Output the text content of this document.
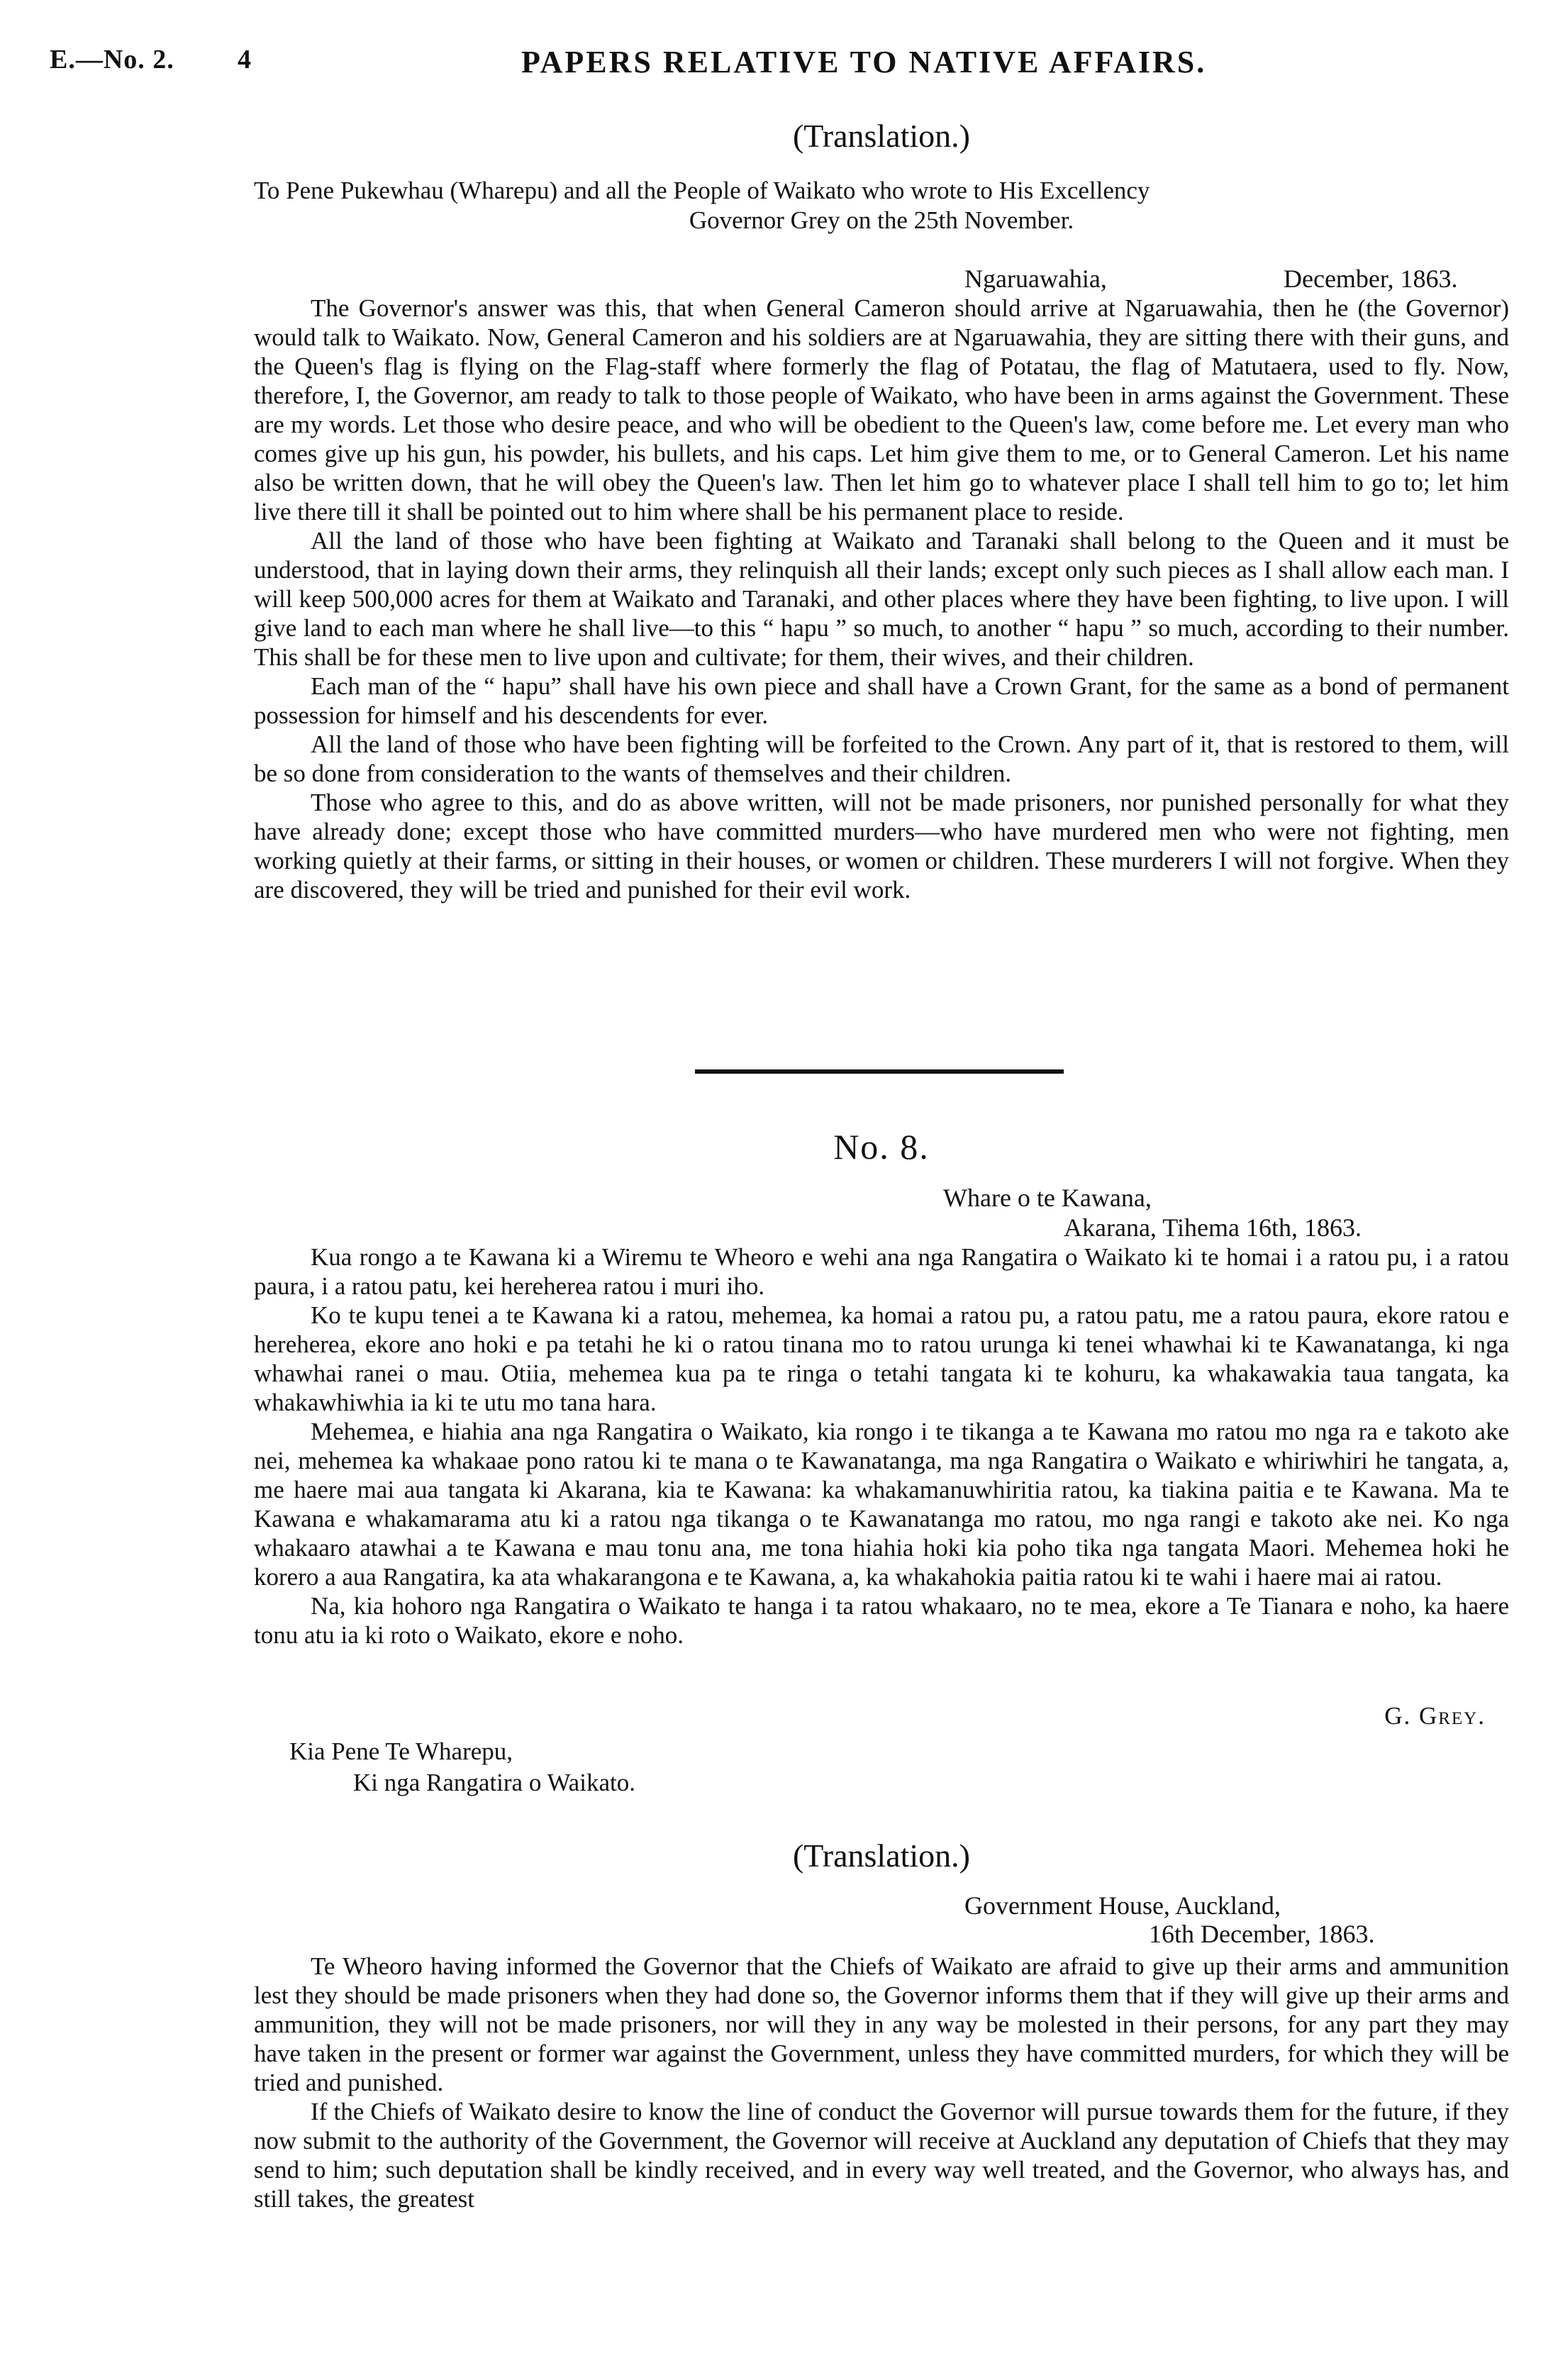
E.—No. 2. 4	PAPERS RELATIVE TO NATIVE AFFAIRS.
(Translation.)
To Pene Pukewhau (Wharepu) and all the People of Waikato who wrote to His Excellency
Governor Grey on the 25th November.
Ngaruawahia,	December, 1863.

The Governor's answer was this, that when General Cameron should arrive at Ngaruawahia, then he (the Governor) would talk to Waikato. Now, General Cameron and his soldiers are at Ngaruawahia, they are sitting there with their guns, and the Queen's flag is flying on the Flag-staff where formerly the flag of Potatau, the flag of Matutaera, used to fly. Now, therefore, I, the Governor, am ready to talk to those people of Waikato, who have been in arms against the Government. These are my words. Let those who desire peace, and who will be obedient to the Queen's law, come before me. Let every man who comes give up his gun, his powder, his bullets, and his caps. Let him give them to me, or to General Cameron. Let his name also be written down, that he will obey the Queen's law. Then let him go to whatever place I shall tell him to go to; let him live there till it shall be pointed out to him where shall be his permanent place to reside.

All the land of those who have been fighting at Waikato and Taranaki shall belong to the Queen and it must be understood, that in laying down their arms, they relinquish all their lands; except only such pieces as I shall allow each man. I will keep 500,000 acres for them at Waikato and Taranaki, and other places where they have been fighting, to live upon. I will give land to each man where he shall live—to this “ hapu ” so much, to another “ hapu ” so much, according to their number. This shall be for these men to live upon and cultivate; for them, their wives, and their children.

Each man of the “ hapu” shall have his own piece and shall have a Crown Grant, for the same as a bond of permanent possession for himself and his descendents for ever.

All the land of those who have been fighting will be forfeited to the Crown. Any part of it, that is restored to them, will be so done from consideration to the wants of themselves and their children.

Those who agree to this, and do as above written, will not be made prisoners, nor punished personally for what they have already done; except those who have committed murders—who have murdered men who were not fighting, men working quietly at their farms, or sitting in their houses, or women or children. These murderers I will not forgive. When they are discovered, they will be tried and punished for their evil work.

No. 8.
Whare o te Kawana,
Akarana, Tihema 16th, 1863.

Kua rongo a te Kawana ki a Wiremu te Wheoro e wehi ana nga Rangatira o Waikato ki te homai i a ratou pu, i a ratou paura, i a ratou patu, kei hereherea ratou i muri iho.

Ko te kupu tenei a te Kawana ki a ratou, mehemea, ka homai a ratou pu, a ratou patu, me a ratou paura, ekore ratou e hereherea, ekore ano hoki e pa tetahi he ki o ratou tinana mo to ratou urunga ki tenei whawhai ki te Kawanatanga, ki nga whawhai ranei o mau. Otiia, mehemea kua pa te ringa o tetahi tangata ki te kohuru, ka whakawakia taua tangata, ka whakawhiwhia ia ki te utu mo tana hara.

Mehemea, e hiahia ana nga Rangatira o Waikato, kia rongo i te tikanga a te Kawana mo ratou mo nga ra e takoto ake nei, mehemea ka whakaae pono ratou ki te mana o te Kawanatanga, ma nga Rangatira o Waikato e whiriwhiri he tangata, a, me haere mai aua tangata ki Akarana, kia te Kawana: ka whakamanuwhiritia ratou, ka tiakina paitia e te Kawana. Ma te Kawana e whakamarama atu ki a ratou nga tikanga o te Kawanatanga mo ratou, mo nga rangi e takoto ake nei. Ko nga whakaaro atawhai a te Kawana e mau tonu ana, me tona hiahia hoki kia poho tika nga tangata Maori. Mehemea hoki he korero a aua Rangatira, ka ata whakarangona e te Kawana, a, ka whakahokia paitia ratou ki te wahi i haere mai ai ratou.

Na, kia hohoro nga Rangatira o Waikato te hanga i ta ratou whakaaro, no te mea, ekore a Te Tianara e noho, ka haere tonu atu ia ki roto o Waikato, ekore e noho.

G. Grey.
Kia Pene Te Wharepu,
Ki nga Rangatira o Waikato.
(Translation.)
Government House, Auckland,
16th December, 1863.

Te Wheoro having informed the Governor that the Chiefs of Waikato are afraid to give up their arms and ammunition lest they should be made prisoners when they had done so, the Governor informs them that if they will give up their arms and ammunition, they will not be made prisoners, nor will they in any way be molested in their persons, for any part they may have taken in the present or former war against the Government, unless they have committed murders, for which they will be tried and punished.

If the Chiefs of Waikato desire to know the line of conduct the Governor will pursue towards them for the future, if they now submit to the authority of the Government, the Governor will receive at Auckland any deputation of Chiefs that they may send to him; such deputation shall be kindly received, and in every way well treated, and the Governor, who always has, and still takes, the greatest
